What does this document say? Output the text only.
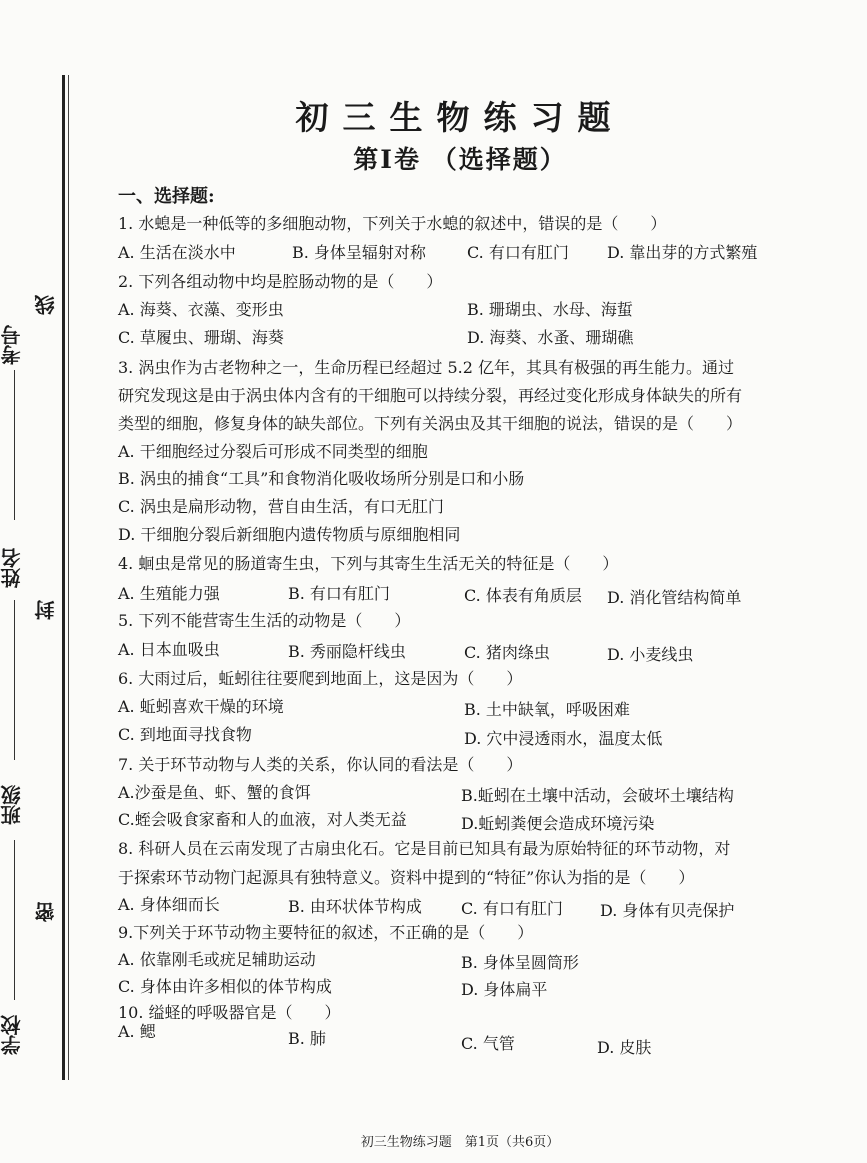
考号
线
姓名
封
班级
密
学校
初三生物练习题
第Ⅰ卷 （选择题）
一、选择题:
1. 水螅是一种低等的多细胞动物，下列关于水螅的叙述中，错误的是（　　）
A. 生活在淡水中	B. 身体呈辐射对称	C. 有口有肛门 D. 靠出芽的方式繁殖
2. 下列各组动物中均是腔肠动物的是（　　）
A. 海葵、衣藻、变形虫	B. 珊瑚虫、水母、海蜇
C. 草履虫、珊瑚、海葵	D. 海葵、水蚤、珊瑚礁
3. 涡虫作为古老物种之一，生命历程已经超过 5.2 亿年，其具有极强的再生能力。通过
研究发现这是由于涡虫体内含有的干细胞可以持续分裂，再经过变化形成身体缺失的所有
类型的细胞，修复身体的缺失部位。下列有关涡虫及其干细胞的说法，错误的是（　　）
A. 干细胞经过分裂后可形成不同类型的细胞
B. 涡虫的捕食“工具”和食物消化吸收场所分别是口和小肠
C. 涡虫是扁形动物，营自由生活，有口无肛门
D. 干细胞分裂后新细胞内遗传物质与原细胞相同
4. 蛔虫是常见的肠道寄生虫，下列与其寄生生活无关的特征是（　　）
A. 生殖能力强	B. 有口有肛门	C. 体表有角质层 D. 消化管结构简单
5. 下列不能营寄生生活的动物是（　　）
A. 日本血吸虫	B. 秀丽隐杆线虫	C. 猪肉绦虫	D. 小麦线虫
6. 大雨过后，蚯蚓往往要爬到地面上，这是因为（　　）
A. 蚯蚓喜欢干燥的环境	B. 土中缺氧，呼吸困难
C. 到地面寻找食物	D. 穴中浸透雨水，温度太低
7. 关于环节动物与人类的关系，你认同的看法是（　　）
A.沙蚕是鱼、虾、蟹的食饵	B.蚯蚓在土壤中活动，会破坏土壤结构
C.蛭会吸食家畜和人的血液，对人类无益	D.蚯蚓粪便会造成环境污染
8. 科研人员在云南发现了古扇虫化石。它是目前已知具有最为原始特征的环节动物，对
于探索环节动物门起源具有独特意义。资料中提到的“特征”你认为指的是（　　）
A. 身体细而长	B. 由环状体节构成 C. 有口有肛门 D. 身体有贝壳保护
9.下列关于环节动物主要特征的叙述，不正确的是（　　）
A. 依靠刚毛或疣足辅助运动	B. 身体呈圆筒形
C. 身体由许多相似的体节构成	D. 身体扁平
10. 缢蛏的呼吸器官是（　　）
A. 鳃	B. 肺	C. 气管	D. 皮肤
初三生物练习题　第1页（共6页）
